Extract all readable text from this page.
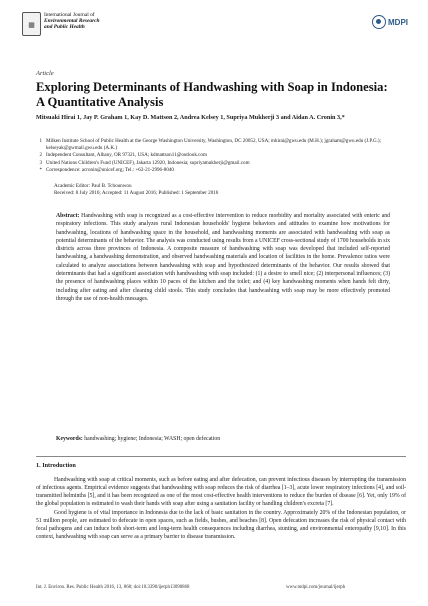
▦
International Journal of
Environmental Research
and Public Health
MDPI
Article
Exploring Determinants of Handwashing with Soap in Indonesia: A Quantitative Analysis
Mitsuaki Hirai 1, Jay P. Graham 1, Kay D. Mattson 2, Andrea Kelsey 1, Supriya Mukherji 3 and Aidan A. Cronin 3,*
1 Milken Institute School of Public Health at the George Washington University, Washington, DC 20052, USA; mhirai@gwu.edu (M.H.); jgraham@gwu.edu (J.P.G.); kelseyak@gwmail.gwu.edu (A.K.)
2 Independent Consultant, Albany, OR 97321, USA; kdmattson11@outlook.com
3 United Nations Children's Fund (UNICEF), Jakarta 12920, Indonesia; supriyamukherji@gmail.com
* Correspondence: acronin@unicef.org; Tel.: +62-21-2996-8040
Academic Editor: Paul B. Tchounwou
Received: 8 July 2016; Accepted: 11 August 2016; Published: 1 September 2016
Abstract: Handwashing with soap is recognized as a cost-effective intervention to reduce morbidity and mortality associated with enteric and respiratory infections. This study analyzes rural Indonesian households' hygiene behaviors and attitudes to examine how motivations for handwashing, locations of handwashing space in the household, and handwashing moments are associated with handwashing with soap as potential determinants of the behavior. The analysis was conducted using results from a UNICEF cross-sectional study of 1700 households in six districts across three provinces of Indonesia. A composite measure of handwashing with soap was developed that included self-reported handwashing, a handwashing demonstration, and observed handwashing materials and location of facilities in the home. Prevalence ratios were calculated to analyze associations between handwashing with soap and hypothesized determinants of the behavior. Our results showed that determinants that had a significant association with handwashing with soap included: (1) a desire to smell nice; (2) interpersonal influences; (3) the presence of handwashing places within 10 paces of the kitchen and the toilet; and (4) key handwashing moments when hands felt dirty, including after eating and after cleaning child stools. This study concludes that handwashing with soap may be more effectively promoted through the use of non-health messages.
Keywords: handwashing; hygiene; Indonesia; WASH; open defecation
1. Introduction

Handwashing with soap at critical moments, such as before eating and after defecation, can prevent infectious diseases by interrupting the transmission of infectious agents. Empirical evidence suggests that handwashing with soap reduces the risk of diarrhea [1–3], acute lower respiratory infections [4], and soil-transmitted helminths [5], and it has been recognized as one of the most cost-effective health interventions to reduce the burden of disease [6]. Yet, only 19% of the global population is estimated to wash their hands with soap after using a sanitation facility or handling children's excreta [7].

Good hygiene is of vital importance in Indonesia due to the lack of basic sanitation in the country. Approximately 20% of the Indonesian population, or 51 million people, are estimated to defecate in open spaces, such as fields, bushes, and beaches [8]. Open defecation increases the risk of physical contact with fecal pathogens and can induce both short-term and long-term health consequences including diarrhea, stunting, and environmental enteropathy [9,10]. In this context, handwashing with soap can serve as a primary barrier to disease transmission.

Int. J. Environ. Res. Public Health 2016, 13, 868; doi:10.3390/ijerph13090868	www.mdpi.com/journal/ijerph
